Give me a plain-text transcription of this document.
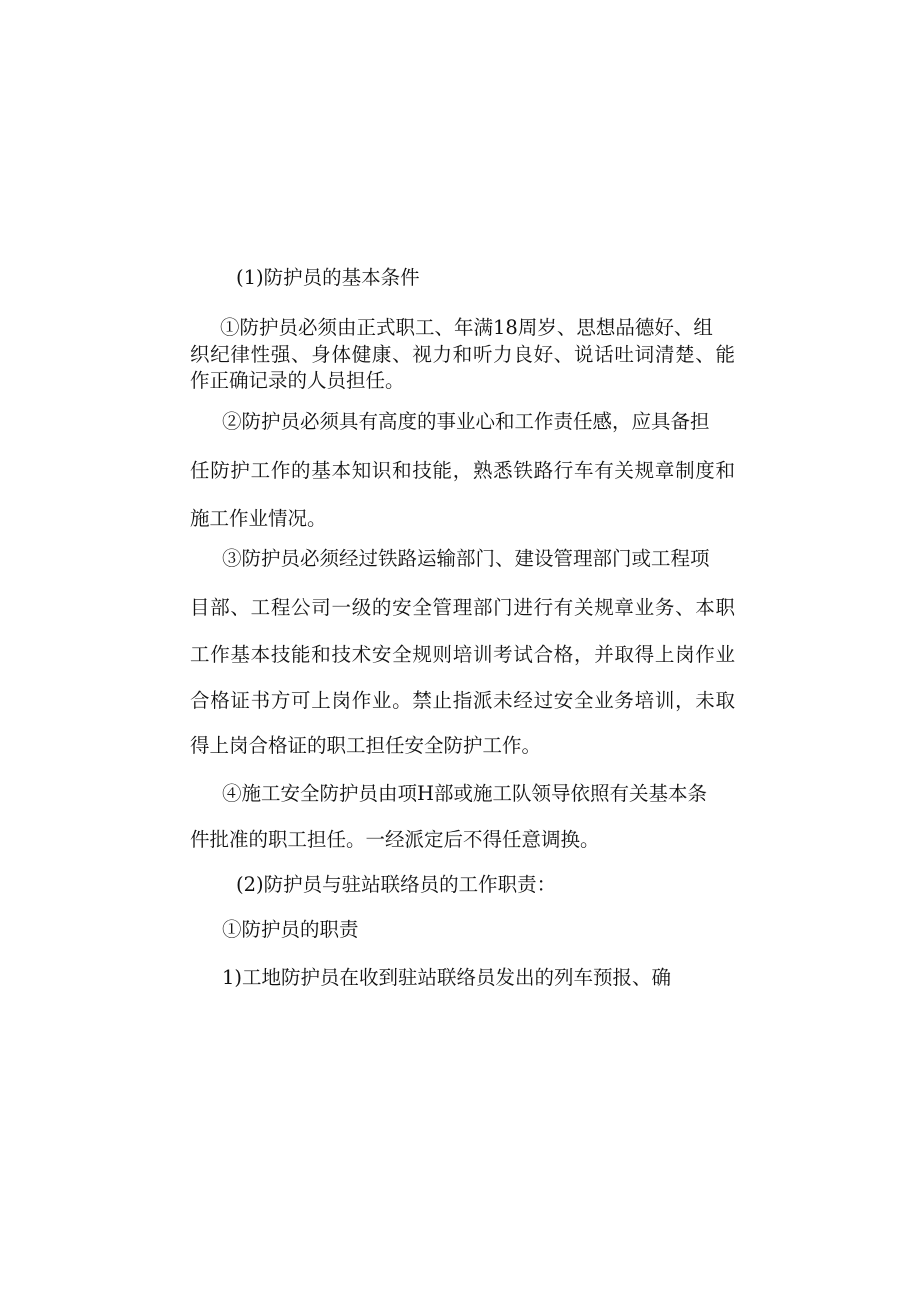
(1)防护员的基本条件
①防护员必须由正式职工、年满18周岁、思想品德好、组
织纪律性强、身体健康、视力和听力良好、说话吐词清楚、能
作正确记录的人员担任。
②防护员必须具有高度的事业心和工作责任感，应具备担
任防护工作的基本知识和技能，熟悉铁路行车有关规章制度和
施工作业情况。
③防护员必须经过铁路运输部门、建设管理部门或工程项
目部、工程公司一级的安全管理部门进行有关规章业务、本职
工作基本技能和技术安全规则培训考试合格，并取得上岗作业
合格证书方可上岗作业。禁止指派未经过安全业务培训，未取
得上岗合格证的职工担任安全防护工作。
④施工安全防护员由项H部或施工队领导依照有关基本条
件批准的职工担任。一经派定后不得任意调换。
(2)防护员与驻站联络员的工作职责：
①防护员的职责
1)工地防护员在收到驻站联络员发出的列车预报、确
